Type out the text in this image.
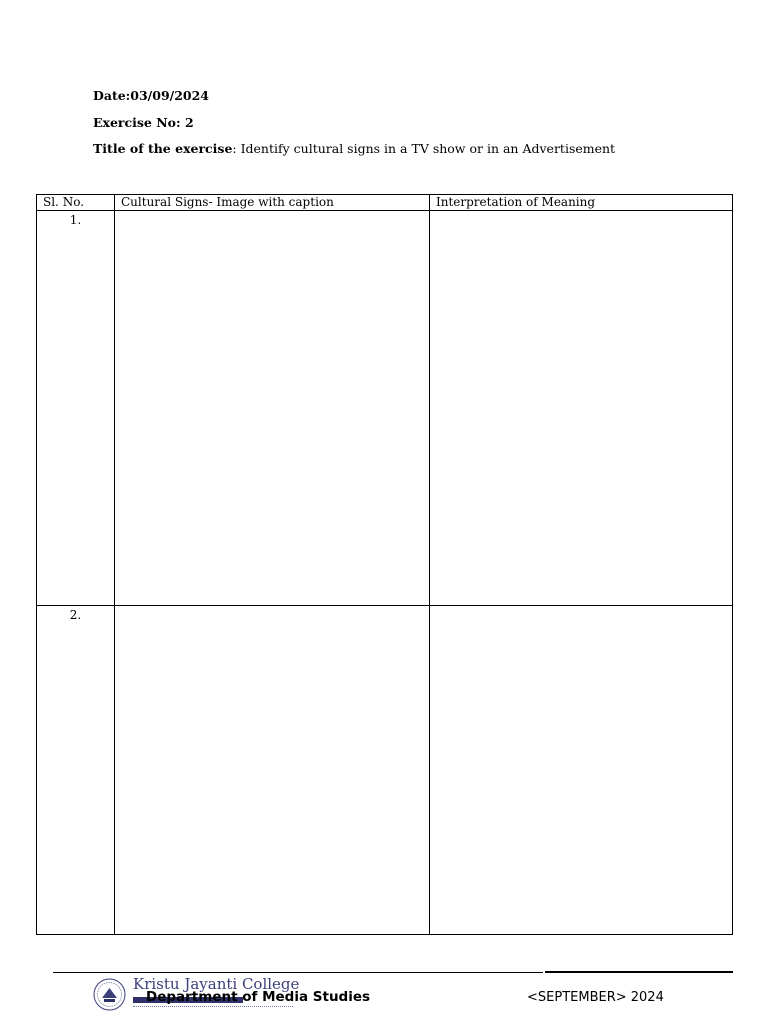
Date:03/09/2024
Exercise No: 2
Title of the exercise: Identify cultural signs in a TV show or in an Advertisement
Sl. No.	Cultural Signs- Image with caption	Interpretation of Meaning
1.		
2.		
Kristu Jayanti College
Department of Media Studies	<SEPTEMBER> 2024
